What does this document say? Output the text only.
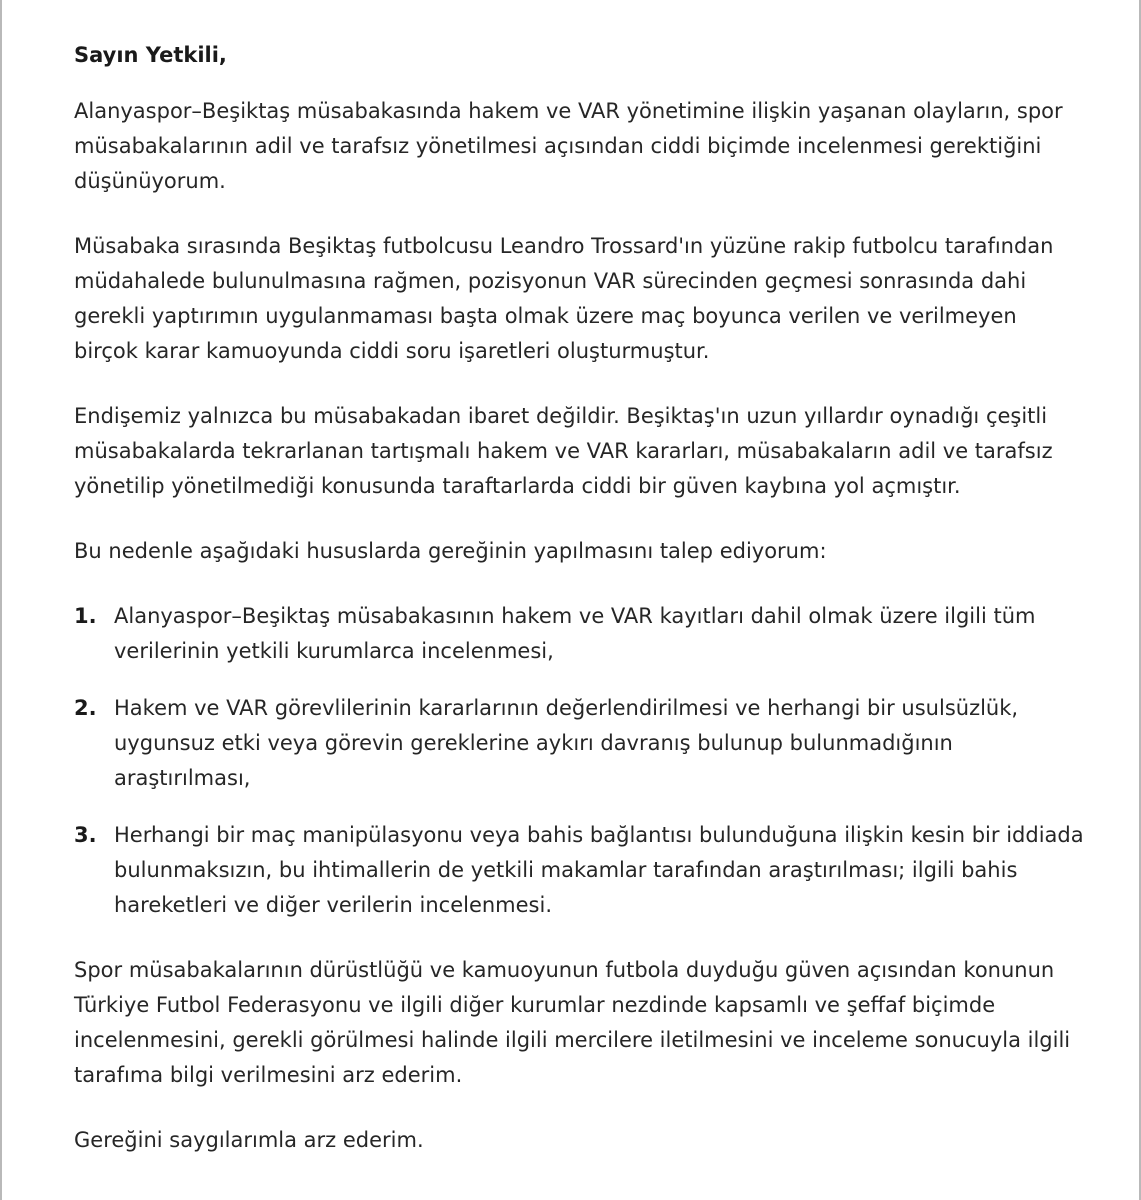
Sayın Yetkili,

Alanyaspor–Beşiktaş müsabakasında hakem ve VAR yönetimine ilişkin yaşanan olayların, spor müsabakalarının adil ve tarafsız yönetilmesi açısından ciddi biçimde incelenmesi gerektiğini düşünüyorum.

Müsabaka sırasında Beşiktaş futbolcusu Leandro Trossard'ın yüzüne rakip futbolcu tarafından müdahalede bulunulmasına rağmen, pozisyonun VAR sürecinden geçmesi sonrasında dahi gerekli yaptırımın uygulanmaması başta olmak üzere maç boyunca verilen ve verilmeyen birçok karar kamuoyunda ciddi soru işaretleri oluşturmuştur.

Endişemiz yalnızca bu müsabakadan ibaret değildir. Beşiktaş'ın uzun yıllardır oynadığı çeşitli müsabakalarda tekrarlanan tartışmalı hakem ve VAR kararları, müsabakaların adil ve tarafsız yönetilip yönetilmediği konusunda taraftarlarda ciddi bir güven kaybına yol açmıştır.

Bu nedenle aşağıdaki hususlarda gereğinin yapılmasını talep ediyorum:

1. Alanyaspor–Beşiktaş müsabakasının hakem ve VAR kayıtları dahil olmak üzere ilgili tüm verilerinin yetkili kurumlarca incelenmesi,
2. Hakem ve VAR görevlilerinin kararlarının değerlendirilmesi ve herhangi bir usulsüzlük, uygunsuz etki veya görevin gereklerine aykırı davranış bulunup bulunmadığının araştırılması,
3. Herhangi bir maç manipülasyonu veya bahis bağlantısı bulunduğuna ilişkin kesin bir iddiada bulunmaksızın, bu ihtimallerin de yetkili makamlar tarafından araştırılması; ilgili bahis hareketleri ve diğer verilerin incelenmesi.

Spor müsabakalarının dürüstlüğü ve kamuoyunun futbola duyduğu güven açısından konunun Türkiye Futbol Federasyonu ve ilgili diğer kurumlar nezdinde kapsamlı ve şeffaf biçimde incelenmesini, gerekli görülmesi halinde ilgili mercilere iletilmesini ve inceleme sonucuyla ilgili tarafıma bilgi verilmesini arz ederim.

Gereğini saygılarımla arz ederim.
